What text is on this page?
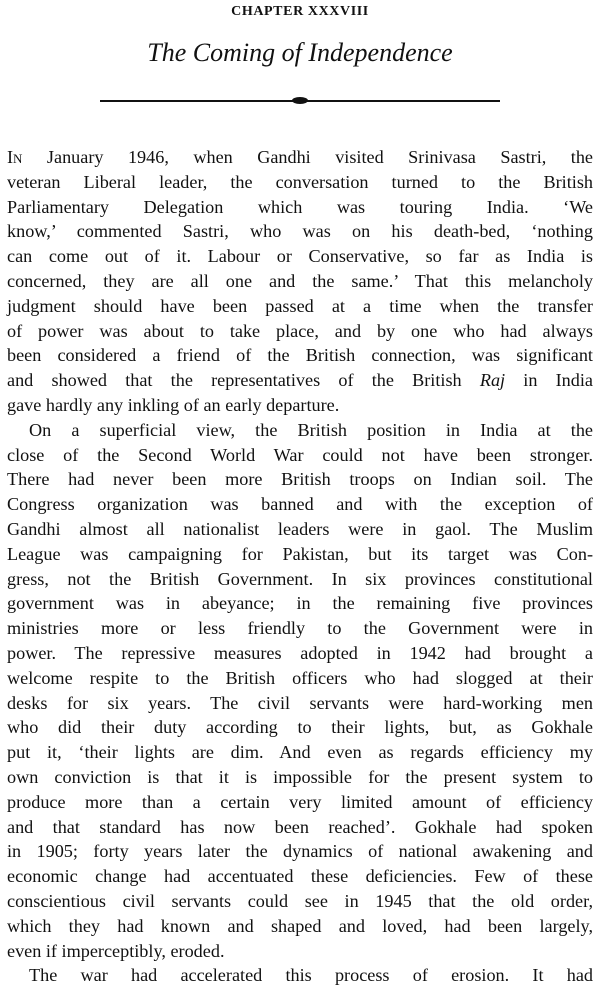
CHAPTER XXXVIII
The Coming of Independence

In January 1946, when Gandhi visited Srinivasa Sastri, the
veteran Liberal leader, the conversation turned to the British
Parliamentary Delegation which was touring India. ‘We
know,’ commented Sastri, who was on his death-bed, ‘nothing
can come out of it. Labour or Conservative, so far as India is
concerned, they are all one and the same.’ That this melancholy
judgment should have been passed at a time when the transfer
of power was about to take place, and by one who had always
been considered a friend of the British connection, was significant
and showed that the representatives of the British Raj in India
gave hardly any inkling of an early departure.

On a superficial view, the British position in India at the
close of the Second World War could not have been stronger.
There had never been more British troops on Indian soil. The
Congress organization was banned and with the exception of
Gandhi almost all nationalist leaders were in gaol. The Muslim
League was campaigning for Pakistan, but its target was Con-
gress, not the British Government. In six provinces constitutional
government was in abeyance; in the remaining five provinces
ministries more or less friendly to the Government were in
power. The repressive measures adopted in 1942 had brought a
welcome respite to the British officers who had slogged at their
desks for six years. The civil servants were hard-working men
who did their duty according to their lights, but, as Gokhale
put it, ‘their lights are dim. And even as regards efficiency my
own conviction is that it is impossible for the present system to
produce more than a certain very limited amount of efficiency
and that standard has now been reached’. Gokhale had spoken
in 1905; forty years later the dynamics of national awakening and
economic change had accentuated these deficiencies. Few of these
conscientious civil servants could see in 1945 that the old order,
which they had known and shaped and loved, had been largely,
even if imperceptibly, eroded.

The war had accelerated this process of erosion. It had
